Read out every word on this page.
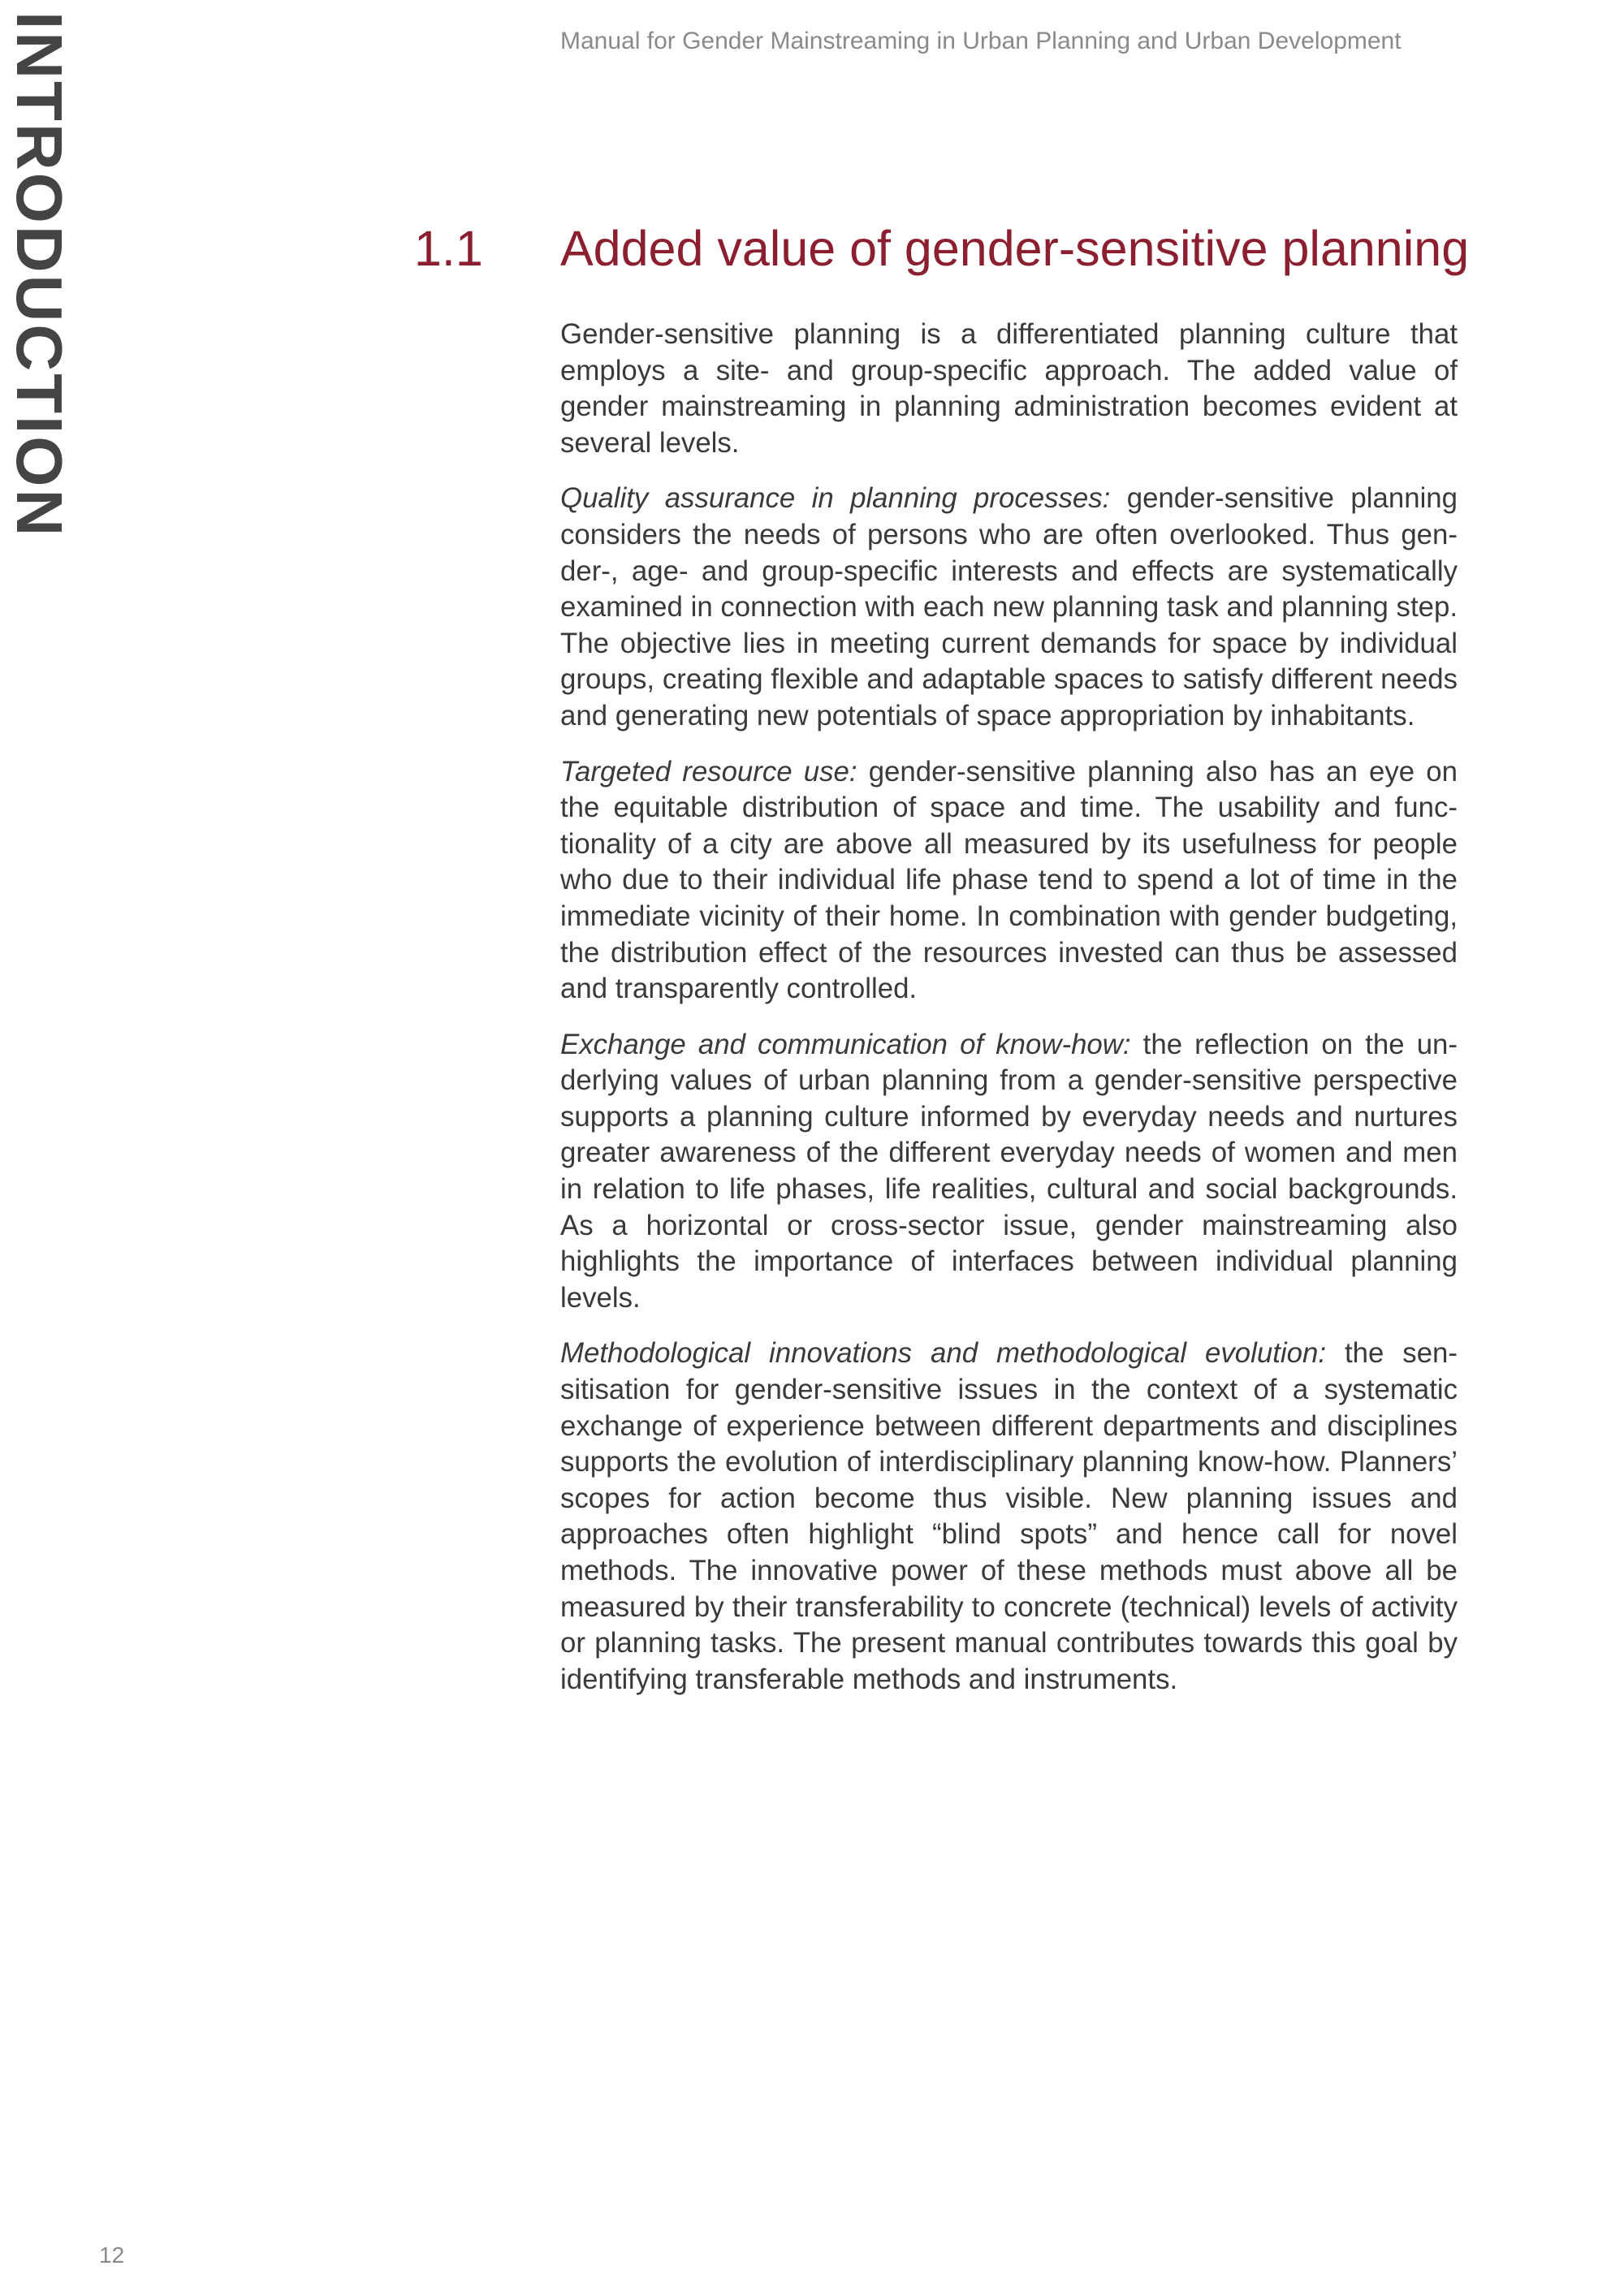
INTRODUCTION	Manual for Gender Mainstreaming in Urban Planning and Urban Development

1.1 Added value of gender-sensitive planning

Gender-sensitive planning is a differentiated planning culture that employs a site- and group-specific approach. The added value of gender mainstreaming in planning administration becomes evident at several levels.

Quality assurance in planning processes: gender-sensitive planning considers the needs of persons who are often overlooked. Thus gender-, age- and group-specific interests and effects are systematically examined in connection with each new planning task and planning step. The objective lies in meeting current demands for space by individual groups, creating flexible and adaptable spaces to satisfy different needs and generating new potentials of space appropriation by inhabitants.

Targeted resource use: gender-sensitive planning also has an eye on the equitable distribution of space and time. The usability and functionality of a city are above all measured by its usefulness for people who due to their individual life phase tend to spend a lot of time in the immediate vicinity of their home. In combination with gender budgeting, the distribution effect of the resources invested can thus be assessed and transparently controlled.

Exchange and communication of know-how: the reflection on the underlying values of urban planning from a gender-sensitive perspective supports a planning culture informed by everyday needs and nurtures greater awareness of the different everyday needs of women and men in relation to life phases, life realities, cultural and social backgrounds. As a horizontal or cross-sector issue, gender mainstreaming also highlights the importance of interfaces between individual planning levels.

Methodological innovations and methodological evolution: the sensitisation for gender-sensitive issues in the context of a systematic exchange of experience between different departments and disciplines supports the evolution of interdisciplinary planning know-how. Planners’ scopes for action become thus visible. New planning issues and approaches often highlight “blind spots” and hence call for novel methods. The innovative power of these methods must above all be measured by their transferability to concrete (technical) levels of activity or planning tasks. The present manual contributes towards this goal by identifying transferable methods and instruments.

12
